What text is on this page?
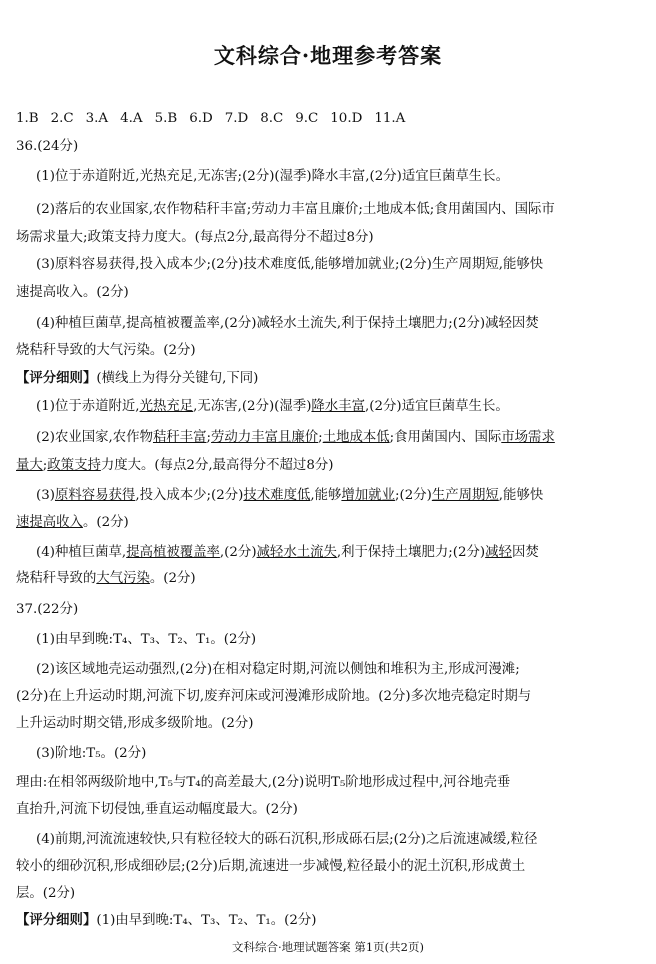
文科综合·地理参考答案
1.B 2.C 3.A 4.A 5.B 6.D 7.D 8.C 9.C 10.D 11.A
36.(24分)
(1)位于赤道附近,光热充足,无冻害;(2分)(湿季)降水丰富,(2分)适宜巨菌草生长。
(2)落后的农业国家,农作物秸秆丰富;劳动力丰富且廉价;土地成本低;食用菌国内、国际市
场需求量大;政策支持力度大。(每点2分,最高得分不超过8分)
(3)原料容易获得,投入成本少;(2分)技术难度低,能够增加就业;(2分)生产周期短,能够快
速提高收入。(2分)
(4)种植巨菌草,提高植被覆盖率,(2分)减轻水土流失,利于保持土壤肥力;(2分)减轻因焚
烧秸秆导致的大气污染。(2分)
【评分细则】(横线上为得分关键句,下同)
(1)位于赤道附近,光热充足,无冻害,(2分)(湿季)降水丰富,(2分)适宜巨菌草生长。
(2)农业国家,农作物秸秆丰富;劳动力丰富且廉价;土地成本低;食用菌国内、国际市场需求
量大;政策支持力度大。(每点2分,最高得分不超过8分)
(3)原料容易获得,投入成本少;(2分)技术难度低,能够增加就业;(2分)生产周期短,能够快
速提高收入。(2分)
(4)种植巨菌草,提高植被覆盖率,(2分)减轻水土流失,利于保持土壤肥力;(2分)减轻因焚
烧秸秆导致的大气污染。(2分)
37.(22分)
(1)由早到晚:T₄、T₃、T₂、T₁。(2分)
(2)该区域地壳运动强烈,(2分)在相对稳定时期,河流以侧蚀和堆积为主,形成河漫滩;
(2分)在上升运动时期,河流下切,废弃河床或河漫滩形成阶地。(2分)多次地壳稳定时期与
上升运动时期交错,形成多级阶地。(2分)
(3)阶地:T₅。(2分)
理由:在相邻两级阶地中,T₅与T₄的高差最大,(2分)说明T₅阶地形成过程中,河谷地壳垂
直抬升,河流下切侵蚀,垂直运动幅度最大。(2分)
(4)前期,河流流速较快,只有粒径较大的砾石沉积,形成砾石层;(2分)之后流速减缓,粒径
较小的细砂沉积,形成细砂层;(2分)后期,流速进一步减慢,粒径最小的泥土沉积,形成黄土
层。(2分)
【评分细则】(1)由早到晚:T₄、T₃、T₂、T₁。(2分)
文科综合·地理试题答案 第1页(共2页)
